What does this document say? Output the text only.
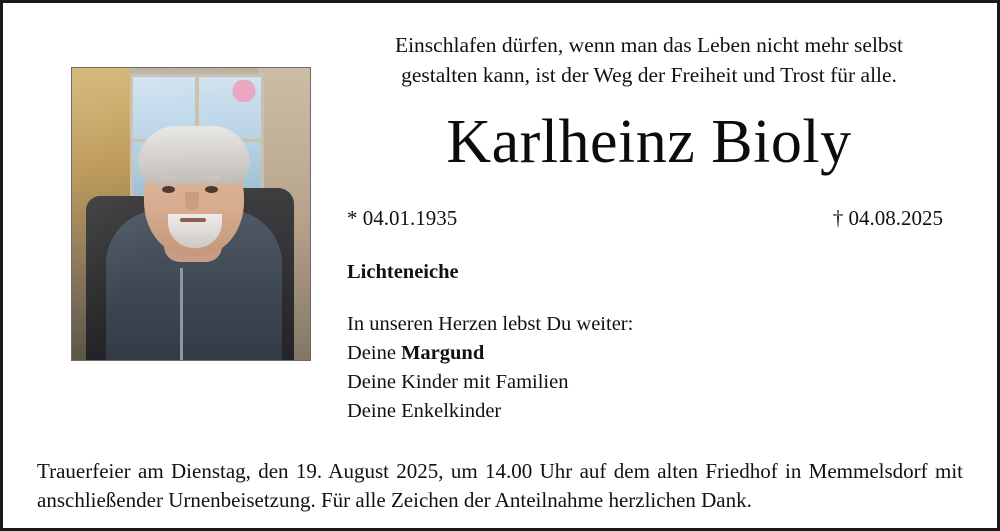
Einschlafen dürfen, wenn man das Leben nicht mehr selbst
gestalten kann, ist der Weg der Freiheit und Trost für alle.
Karlheinz Bioly
* 04.01.1935	† 04.08.2025
Lichteneiche
In unseren Herzen lebst Du weiter:
Deine Margund
Deine Kinder mit Familien
Deine Enkelkinder
Trauerfeier am Dienstag, den 19. August 2025, um 14.00 Uhr auf dem alten Friedhof in Memmelsdorf mit anschließender Urnenbeisetzung. Für alle Zeichen der Anteilnahme herzlichen Dank.
